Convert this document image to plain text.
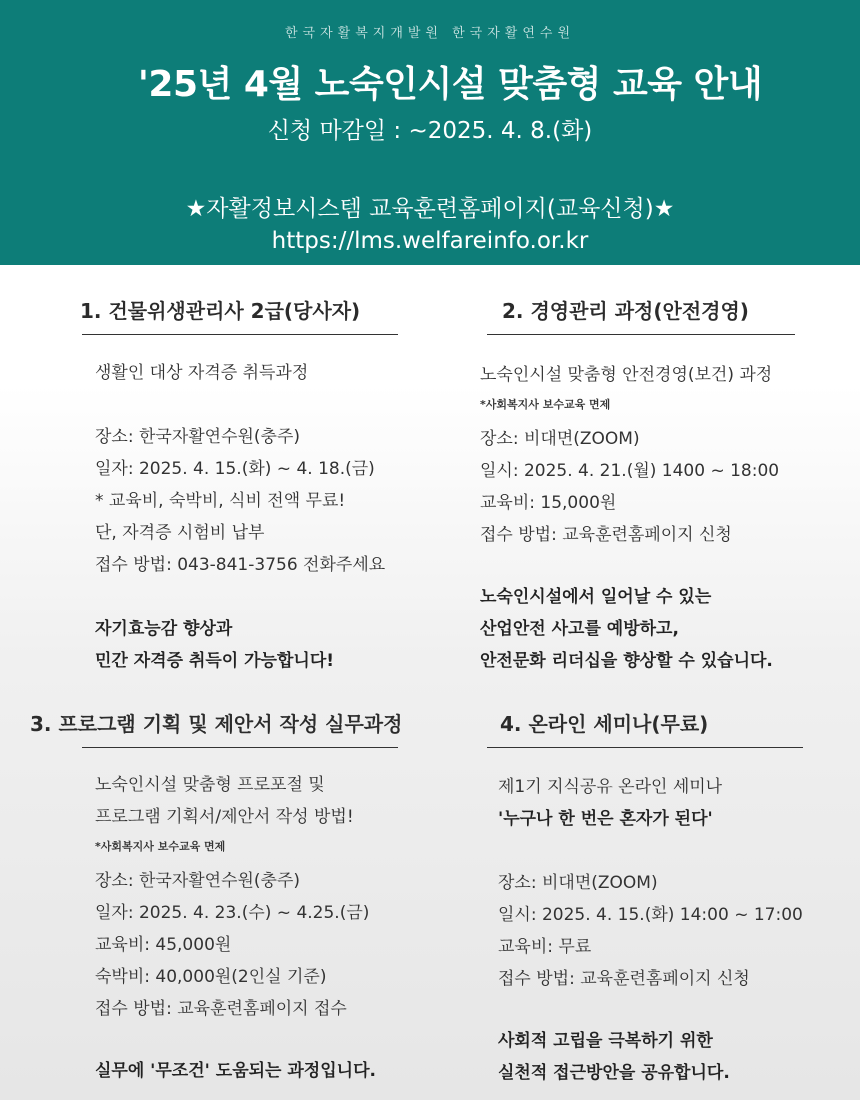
한국자활복지개발원 한국자활연수원
'25년 4월 노숙인시설 맞춤형 교육 안내
신청 마감일 : ~2025. 4. 8.(화)
★자활정보시스템 교육훈련홈페이지(교육신청)★
https://lms.welfareinfo.or.kr
1. 건물위생관리사 2급(당사자)
생활인 대상 자격증 취득과정
장소: 한국자활연수원(충주)
일자: 2025. 4. 15.(화) ~ 4. 18.(금)
* 교육비, 숙박비, 식비 전액 무료!
단, 자격증 시험비 납부
접수 방법: 043-841-3756 전화주세요
자기효능감 향상과
민간 자격증 취득이 가능합니다!
2. 경영관리 과정(안전경영)
노숙인시설 맞춤형 안전경영(보건) 과정
*사회복지사 보수교육 면제
장소: 비대면(ZOOM)
일시: 2025. 4. 21.(월) 1400 ~ 18:00
교육비: 15,000원
접수 방법: 교육훈련홈페이지 신청
노숙인시설에서 일어날 수 있는
산업안전 사고를 예방하고,
안전문화 리더십을 향상할 수 있습니다.
3. 프로그램 기획 및 제안서 작성 실무과정
노숙인시설 맞춤형 프로포절 및
프로그램 기획서/제안서 작성 방법!
*사회복지사 보수교육 면제
장소: 한국자활연수원(충주)
일자: 2025. 4. 23.(수) ~ 4.25.(금)
교육비: 45,000원
숙박비: 40,000원(2인실 기준)
접수 방법: 교육훈련홈페이지 접수
실무에 '무조건' 도움되는 과정입니다.
4. 온라인 세미나(무료)
제1기 지식공유 온라인 세미나
'누구나 한 번은 혼자가 된다'
장소: 비대면(ZOOM)
일시: 2025. 4. 15.(화) 14:00 ~ 17:00
교육비: 무료
접수 방법: 교육훈련홈페이지 신청
사회적 고립을 극복하기 위한
실천적 접근방안을 공유합니다.
